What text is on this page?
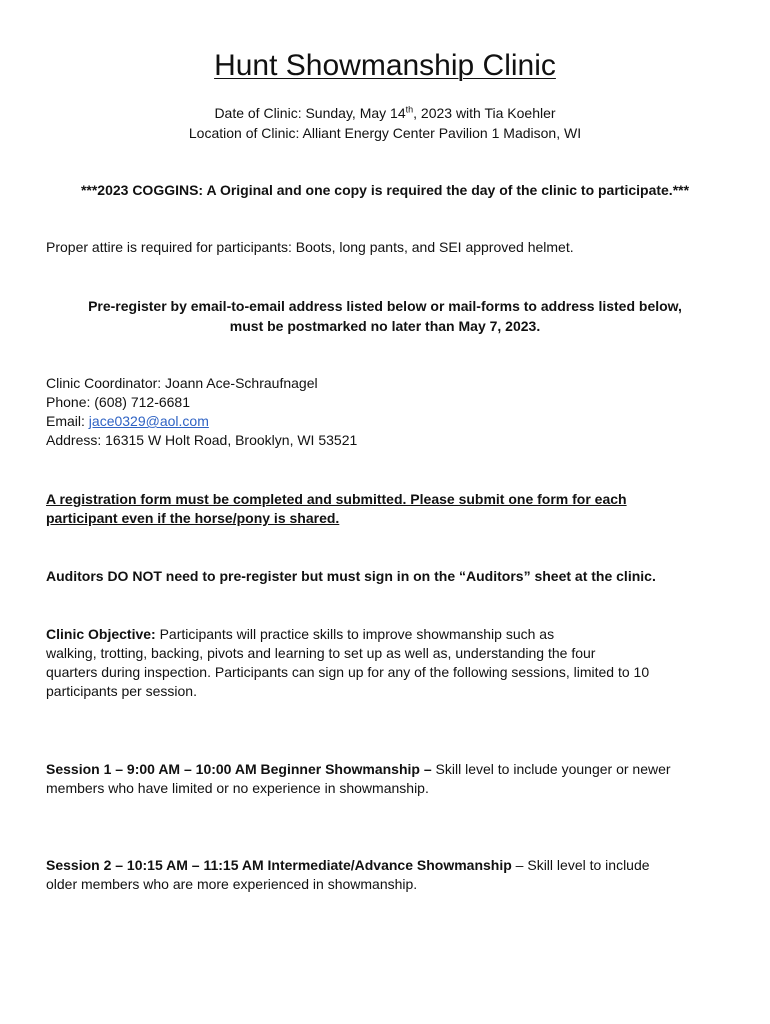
Hunt Showmanship Clinic
Date of Clinic: Sunday, May 14th, 2023 with Tia Koehler
Location of Clinic: Alliant Energy Center Pavilion 1 Madison, WI
***2023 COGGINS: A Original and one copy is required the day of the clinic to participate.***
Proper attire is required for participants: Boots, long pants, and SEI approved helmet.
Pre-register by email-to-email address listed below or mail-forms to address listed below,
must be postmarked no later than May 7, 2023.
Clinic Coordinator: Joann Ace-Schraufnagel
Phone: (608) 712-6681
Email: jace0329@aol.com
Address: 16315 W Holt Road, Brooklyn, WI 53521
A registration form must be completed and submitted. Please submit one form for each
participant even if the horse/pony is shared.
Auditors DO NOT need to pre-register but must sign in on the “Auditors” sheet at the clinic.
Clinic Objective: Participants will practice skills to improve showmanship such as
walking, trotting, backing, pivots and learning to set up as well as, understanding the four
quarters during inspection. Participants can sign up for any of the following sessions, limited to 10
participants per session.
Session 1 – 9:00 AM – 10:00 AM Beginner Showmanship – Skill level to include younger or newer
members who have limited or no experience in showmanship.
Session 2 – 10:15 AM – 11:15 AM Intermediate/Advance Showmanship – Skill level to include
older members who are more experienced in showmanship.
